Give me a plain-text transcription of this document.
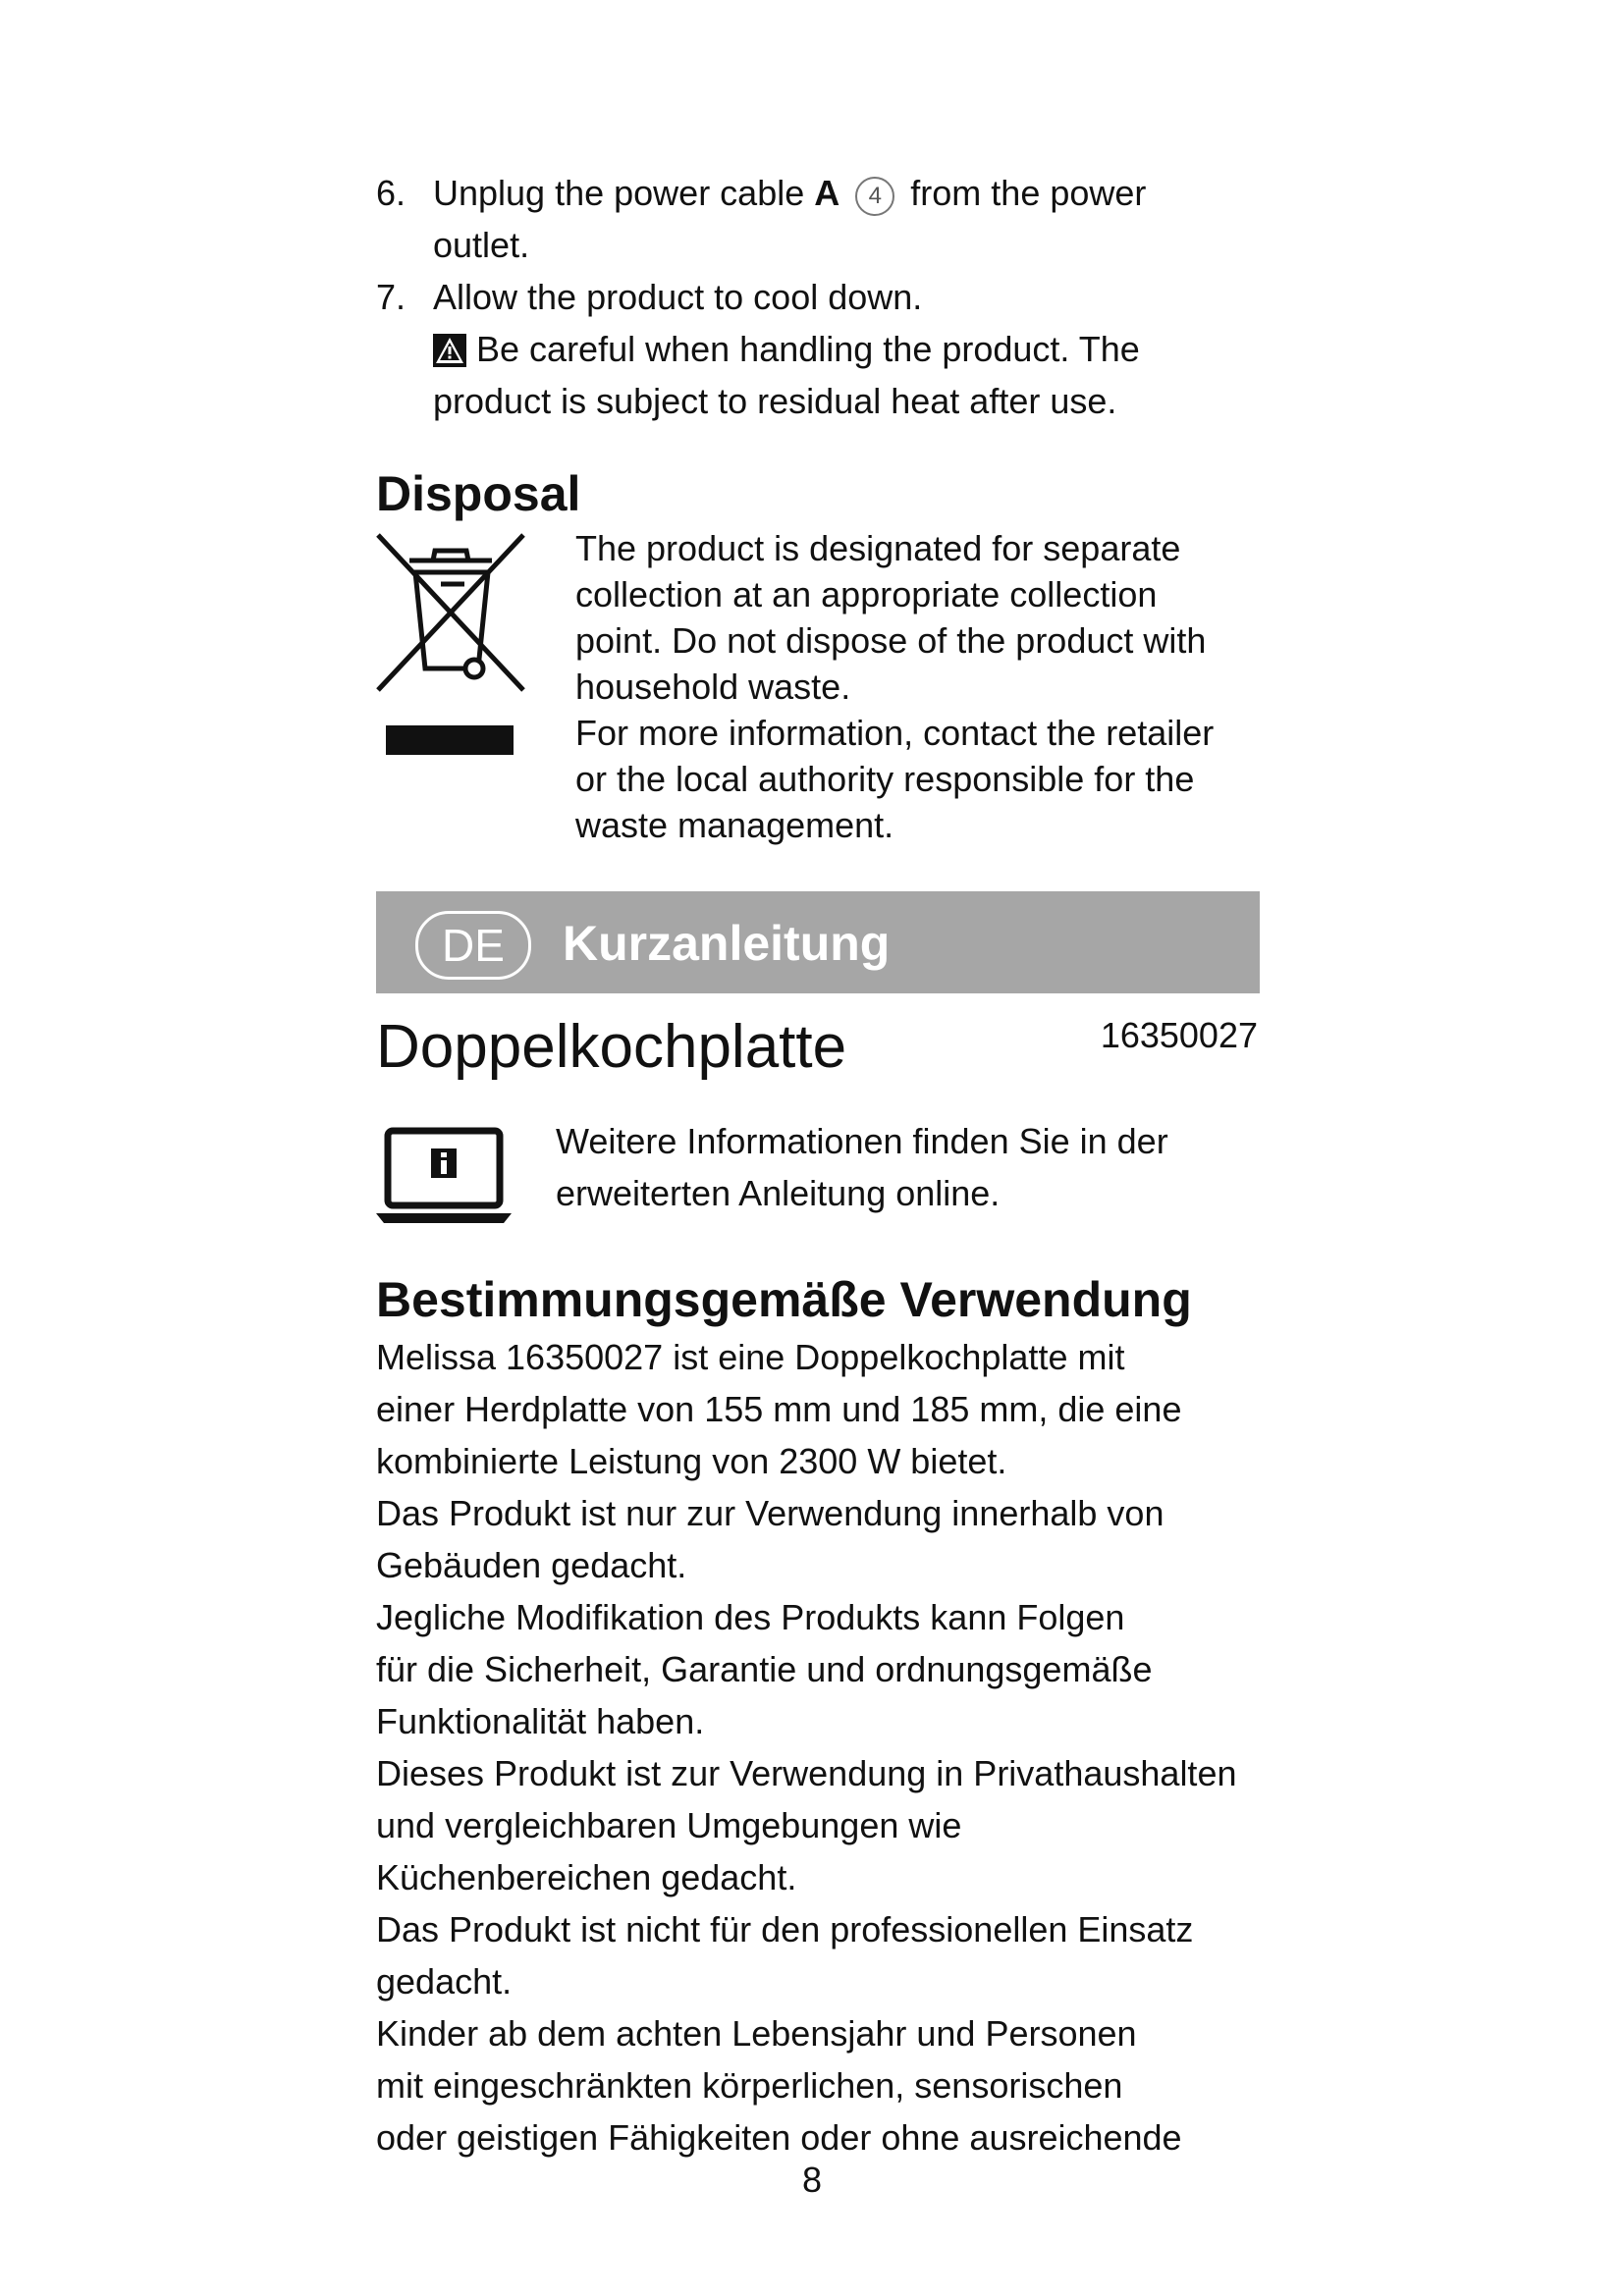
6. Unplug the power cable A 4 from the power
outlet.

7. Allow the product to cool down.

Be careful when handling the product. The
product is subject to residual heat after use.

Disposal

The product is designated for separate
collection at an appropriate collection
point. Do not dispose of the product with
household waste.

For more information, contact the retailer
or the local authority responsible for the
waste management.

DE	Kurzanleitung
Doppelkochplatte	16350027
Weitere Informationen finden Sie in der
erweiterten Anleitung online.
Bestimmungsgemäße Verwendung

Melissa 16350027 ist eine Doppelkochplatte mit
einer Herdplatte von 155 mm und 185 mm, die eine
kombinierte Leistung von 2300 W bietet.

Das Produkt ist nur zur Verwendung innerhalb von
Gebäuden gedacht.

Jegliche Modifikation des Produkts kann Folgen
für die Sicherheit, Garantie und ordnungsgemäße
Funktionalität haben.

Dieses Produkt ist zur Verwendung in Privathaushalten
und vergleichbaren Umgebungen wie
Küchenbereichen gedacht.

Das Produkt ist nicht für den professionellen Einsatz
gedacht.

Kinder ab dem achten Lebensjahr und Personen
mit eingeschränkten körperlichen, sensorischen
oder geistigen Fähigkeiten oder ohne ausreichende

8
